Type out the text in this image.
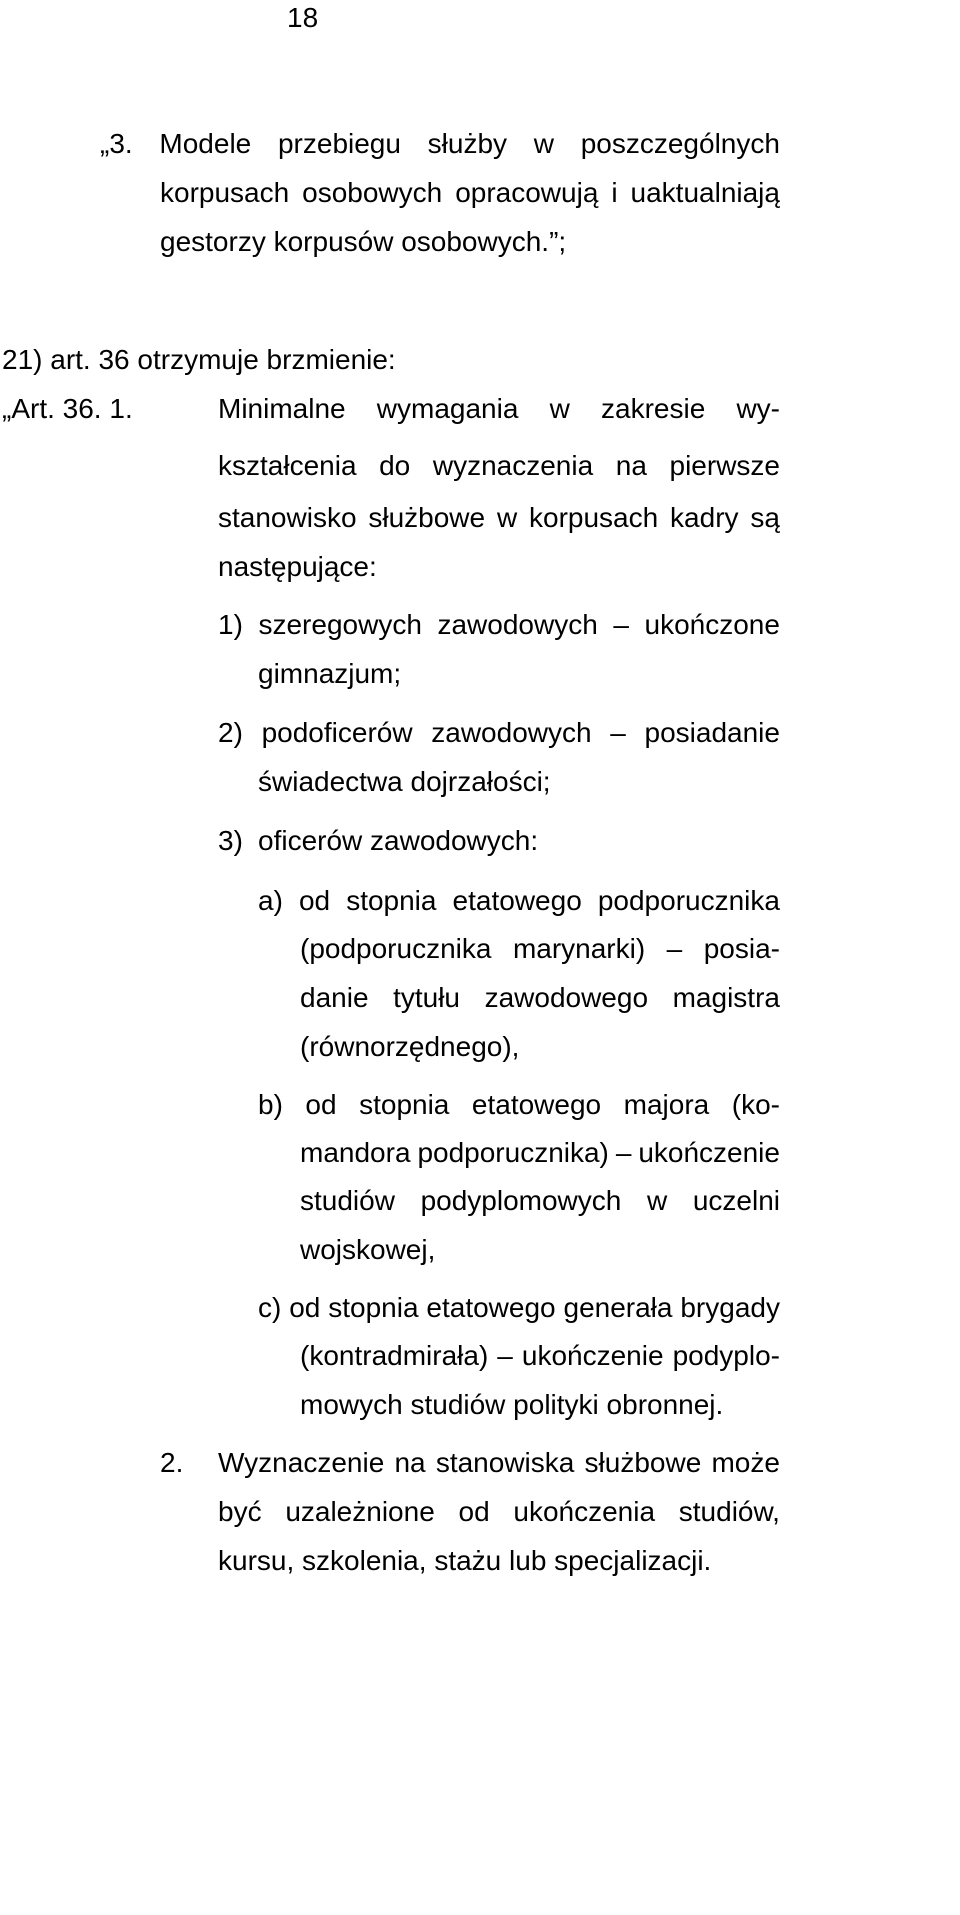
18
„3. Modele przebiegu służby w poszczególnych
korpusach osobowych opracowują i uaktualniają
gestorzy korpusów osobowych.”;
21) art. 36 otrzymuje brzmienie:
„Art. 36. 1.	Minimalne wymagania w zakresie wy-
kształcenia do wyznaczenia na pierwsze
stanowisko służbowe w korpusach kadry są
następujące:
1) szeregowych zawodowych – ukończone
gimnazjum;
2) podoficerów zawodowych – posiadanie
świadectwa dojrzałości;
3) oficerów zawodowych:
a) od stopnia etatowego podporucznika
(podporucznika marynarki) – posia-
danie tytułu zawodowego magistra
(równorzędnego),
b) od stopnia etatowego majora (ko-
mandora podporucznika) – ukończenie
studiów podyplomowych w uczelni
wojskowej,
c) od stopnia etatowego generała brygady
(kontradmirała) – ukończenie podyplo-
mowych studiów polityki obronnej.
2. Wyznaczenie na stanowiska służbowe może
być uzależnione od ukończenia studiów,
kursu, szkolenia, stażu lub specjalizacji.
